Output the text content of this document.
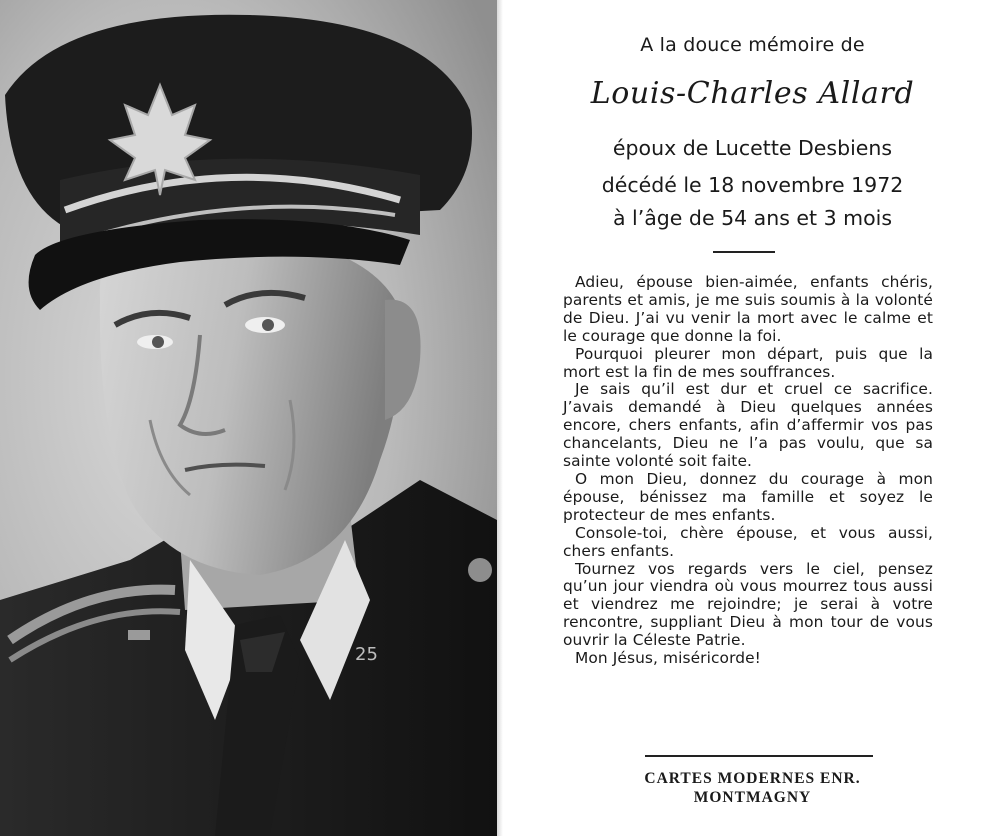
25
A la douce mémoire de
Louis-Charles Allard
époux de Lucette Desbiens
décédé le 18 novembre 1972
à l’âge de 54 ans et 3 mois

Adieu, épouse bien-aimée, enfants chéris, parents et amis, je me suis soumis à la volonté de Dieu. J’ai vu venir la mort avec le calme et le courage que donne la foi.

Pourquoi pleurer mon départ, puis que la mort est la fin de mes souffrances.

Je sais qu’il est dur et cruel ce sacrifice. J’avais demandé à Dieu quelques années encore, chers enfants, afin d’affermir vos pas chancelants, Dieu ne l’a pas voulu, que sa sainte volonté soit faite.

O mon Dieu, donnez du courage à mon épouse, bénissez ma famille et soyez le protecteur de mes enfants.

Console-toi, chère épouse, et vous aussi, chers enfants.

Tournez vos regards vers le ciel, pensez qu’un jour viendra où vous mourrez tous aussi et viendrez me rejoindre; je serai à votre rencontre, suppliant Dieu à mon tour de vous ouvrir la Céleste Patrie.

Mon Jésus, miséricorde!

CARTES MODERNES ENR.
MONTMAGNY
